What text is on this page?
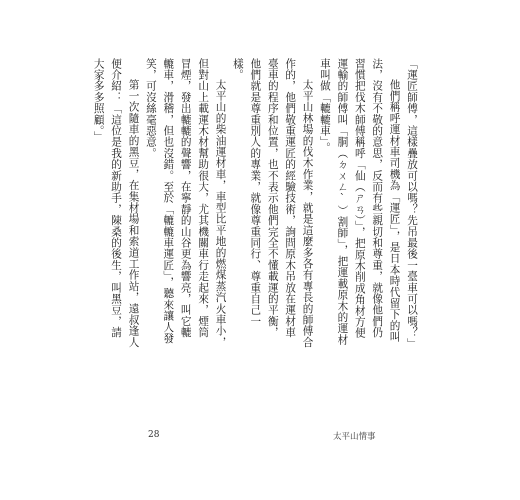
「運匠師傅，這樣疊放可以嗎？先吊最後一臺車可以嗎？」

他們稱呼運材車司機為「運匠」，是日本時代留下的叫法，沒有不敬的意思，反而有些親切和尊重，就像他們仍習慣把伐木師傅稱呼「仙（ㄕㄢ）」，把原木削成角材方便運輸的師傅叫「胴（ㄉㄨㄥˋ）割師」，把運載原木的運材車叫做「轆轆車」。

太平山林場的伐木作業，就是這麼多各有專長的師傅合作的，他們敬重運匠的經驗技術，詢問原木吊放在運材車臺車的程序和位置，也不表示他們完全不懂載運的平衡，他們就是尊重別人的專業，就像尊重同行、尊重自己一樣。

太平山的柴油運材車，車型比平地的燃煤蒸汽火車小，但對山上載運木材幫助很大，尤其機關車行走起來，煙筒冒煙，發出轆轆的聲響，在寧靜的山谷更為響亮，叫它轆轆車，滑稽，但也沒錯。至於「轆轆車運匠」，聽來讓人發笑，可沒絲毫惡意。

第一次隨車的黑豆，在集材場和索道工作站，遠叔逢人便介紹：「這位是我的新助手，陳桑的後生，叫黑豆，請大家多多照顧。」

28	太平山情事
